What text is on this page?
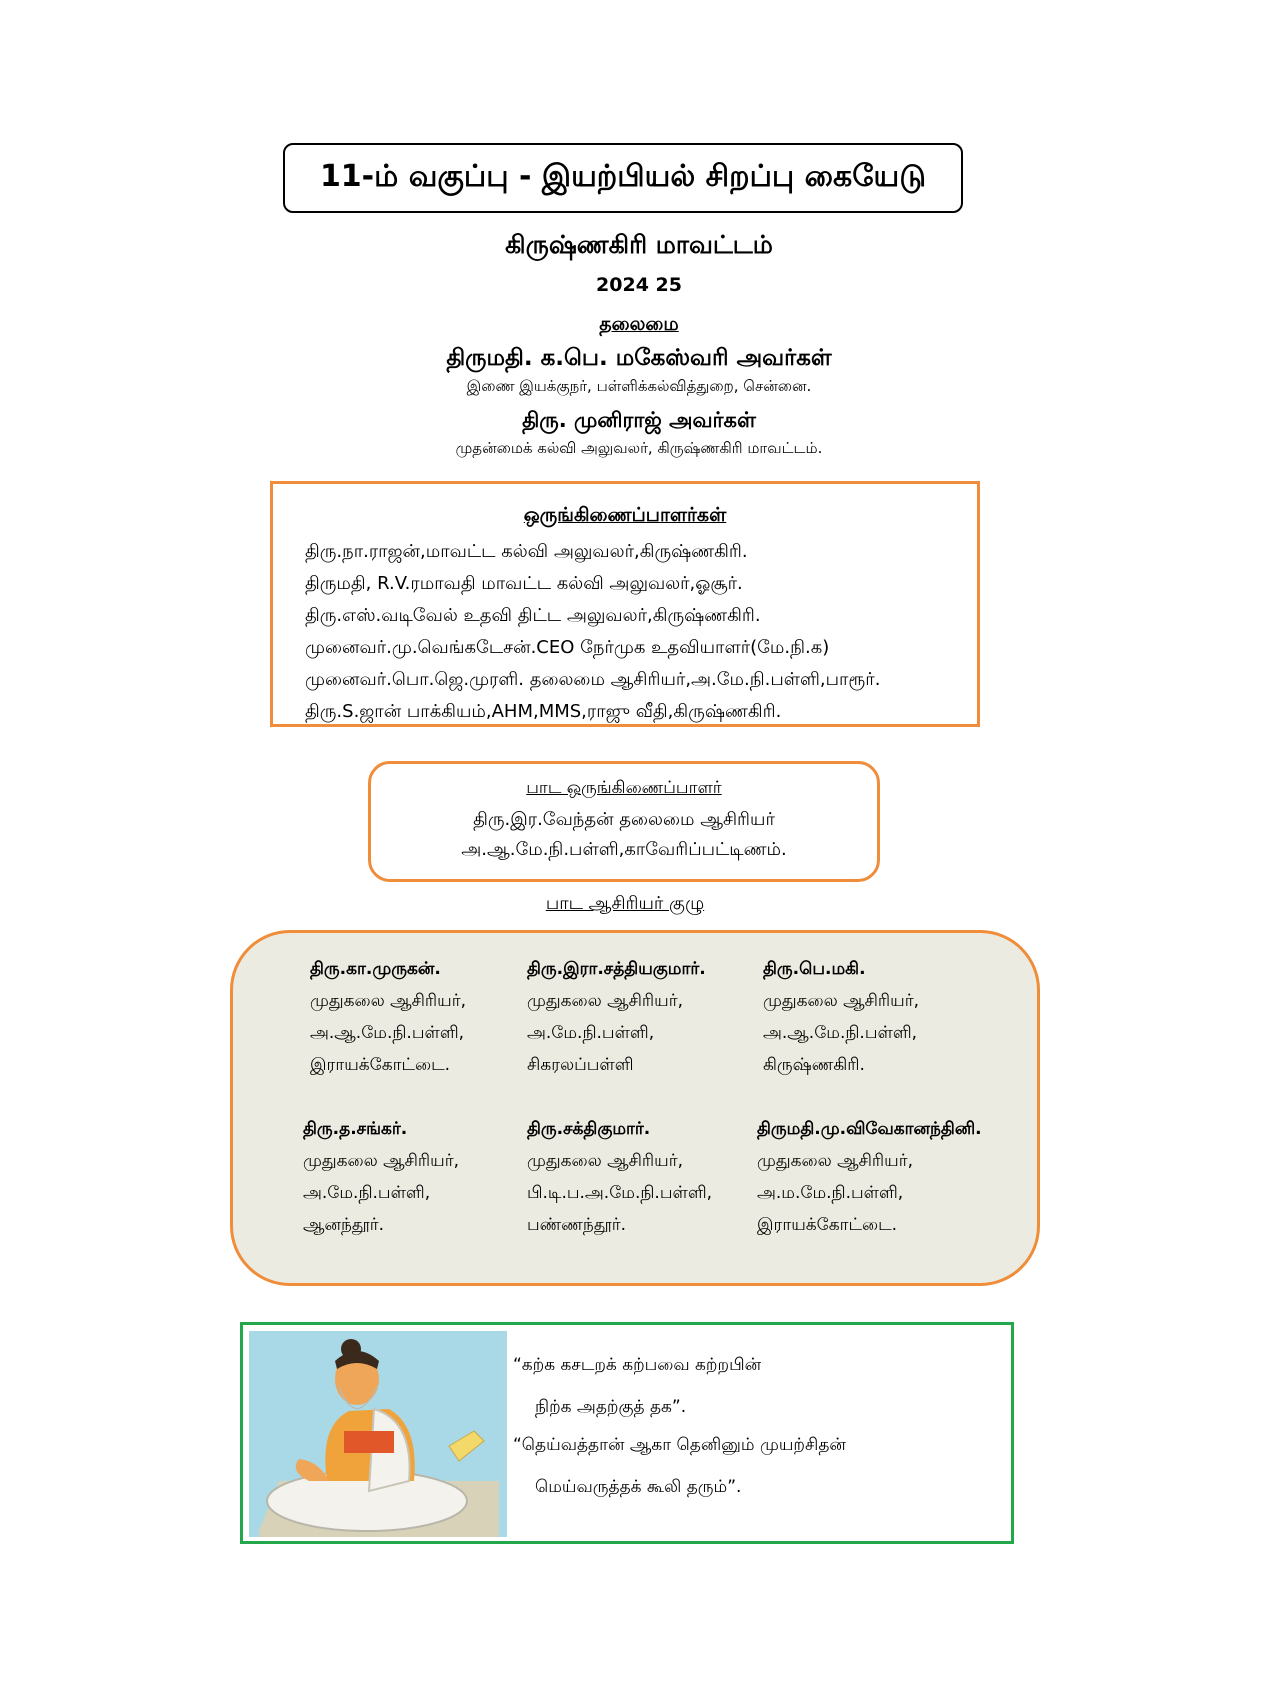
11-ம் வகுப்பு - இயற்பியல் சிறப்பு கையேடு
கிருஷ்ணகிரி மாவட்டம்
2024 25
தலைமை
திருமதி. க.பெ. மகேஸ்வரி அவர்கள்
இணை இயக்குநர், பள்ளிக்கல்வித்துறை, சென்னை.
திரு. முனிராஜ் அவர்கள்
முதன்மைக் கல்வி அலுவலர், கிருஷ்ணகிரி மாவட்டம்.
ஒருங்கிணைப்பாளர்கள்
திரு.நா.ராஜன்,மாவட்ட கல்வி அலுவலர்,கிருஷ்ணகிரி.
திருமதி, R.V.ரமாவதி மாவட்ட கல்வி அலுவலர்,ஓசூர்.
திரு.எஸ்.வடிவேல் உதவி திட்ட அலுவலர்,கிருஷ்ணகிரி.
முனைவர்.மு.வெங்கடேசன்.CEO நேர்முக உதவியாளர்(மே.நி.க)
முனைவர்.பொ.ஜெ.முரளி. தலைமை ஆசிரியர்,அ.மே.நி.பள்ளி,பாரூர்.
திரு.S.ஜான் பாக்கியம்,AHM,MMS,ராஜு வீதி,கிருஷ்ணகிரி.
பாட ஒருங்கிணைப்பாளர்
திரு.இர.வேந்தன் தலைமை ஆசிரியர்
அ.ஆ.மே.நி.பள்ளி,காவேரிப்பட்டிணம்.
பாட ஆசிரியர் குழு
திரு.கா.முருகன்.
முதுகலை ஆசிரியர்,
அ.ஆ.மே.நி.பள்ளி,
இராயக்கோட்டை.
திரு.இரா.சத்தியகுமார்.
முதுகலை ஆசிரியர்,
அ.மே.நி.பள்ளி,
சிகரலப்பள்ளி
திரு.பெ.மகி.
முதுகலை ஆசிரியர்,
அ.ஆ.மே.நி.பள்ளி,
கிருஷ்ணகிரி.
திரு.த.சங்கர்.
முதுகலை ஆசிரியர்,
அ.மே.நி.பள்ளி,
ஆனந்தூர்.
திரு.சக்திகுமார்.
முதுகலை ஆசிரியர்,
பி.டி.ப.அ.மே.நி.பள்ளி,
பண்ணந்தூர்.
திருமதி.மு.விவேகானந்தினி.
முதுகலை ஆசிரியர்,
அ.ம.மே.நி.பள்ளி,
இராயக்கோட்டை.
“கற்க கசடறக் கற்பவை கற்றபின்
நிற்க அதற்குத் தக”.
“தெய்வத்தான் ஆகா தெனினும் முயற்சிதன்
மெய்வருத்தக் கூலி தரும்”.
